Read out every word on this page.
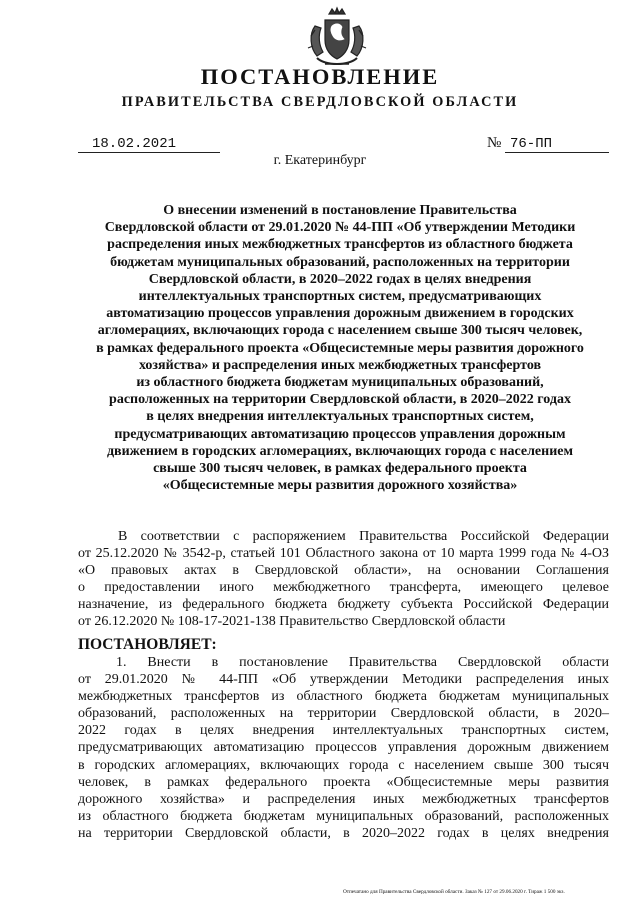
ПОСТАНОВЛЕНИЕ
ПРАВИТЕЛЬСТВА СВЕРДЛОВСКОЙ ОБЛАСТИ
18.02.2021	№ 76-ПП
г. Екатеринбург
О внесении изменений в постановление Правительства
Свердловской области от 29.01.2020 № 44-ПП «Об утверждении Методики
распределения иных межбюджетных трансфертов из областного бюджета
бюджетам муниципальных образований, расположенных на территории
Свердловской области, в 2020–2022 годах в целях внедрения
интеллектуальных транспортных систем, предусматривающих
автоматизацию процессов управления дорожным движением в городских
агломерациях, включающих города с населением свыше 300 тысяч человек,
в рамках федерального проекта «Общесистемные меры развития дорожного
хозяйства» и распределения иных межбюджетных трансфертов
из областного бюджета бюджетам муниципальных образований,
расположенных на территории Свердловской области, в 2020–2022 годах
в целях внедрения интеллектуальных транспортных систем,
предусматривающих автоматизацию процессов управления дорожным
движением в городских агломерациях, включающих города с населением
свыше 300 тысяч человек, в рамках федерального проекта
«Общесистемные меры развития дорожного хозяйства»
В соответствии с распоряжением Правительства Российской Федерации
от 25.12.2020 № 3542-р, статьей 101 Областного закона от 10 марта 1999 года № 4-ОЗ
«О правовых актах в Свердловской области», на основании Соглашения
о предоставлении иного межбюджетного трансферта, имеющего целевое
назначение, из федерального бюджета бюджету субъекта Российской Федерации
от 26.12.2020 № 108-17-2021-138 Правительство Свердловской области
ПОСТАНОВЛЯЕТ:
1. Внести в постановление Правительства Свердловской области
от 29.01.2020 № 44-ПП «Об утверждении Методики распределения иных
межбюджетных трансфертов из областного бюджета бюджетам муниципальных
образований, расположенных на территории Свердловской области, в 2020–
2022 годах в целях внедрения интеллектуальных транспортных систем,
предусматривающих автоматизацию процессов управления дорожным движением
в городских агломерациях, включающих города с населением свыше 300 тысяч
человек, в рамках федерального проекта «Общесистемные меры развития
дорожного хозяйства» и распределения иных межбюджетных трансфертов
из областного бюджета бюджетам муниципальных образований, расположенных
на территории Свердловской области, в 2020–2022 годах в целях внедрения
Отпечатано для Правительства Свердловской области. Заказ № 127 от 29.06.2020 г. Тираж 1 500 экз.
